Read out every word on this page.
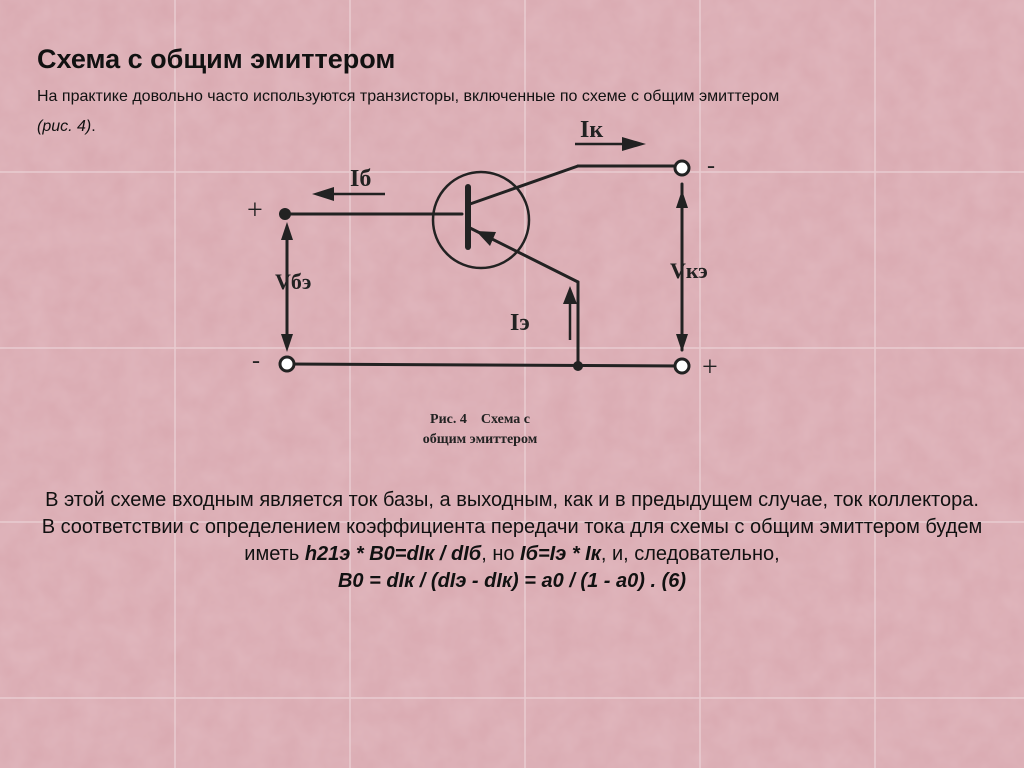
Схема с общим эмиттером
На практике довольно часто используются транзисторы, включенные по схеме с общим эмиттером
(рис. 4).	Iк
Iб
Iэ
Vбэ	Vкэ
+
-
-
+
Рис. 4    Схема с
общим эмиттером
В этой схеме входным является ток базы, а выходным, как и в предыдущем случае, ток коллектора. В соответствии с определением коэффициента передачи тока для схемы с общим эмиттером будем иметь h21э * B0=dIк / dIб, но Iб=Iэ * Iк, и, следовательно,
B0 = dIк / (dIэ - dIк) = a0 / (1 - a0) . (6)
